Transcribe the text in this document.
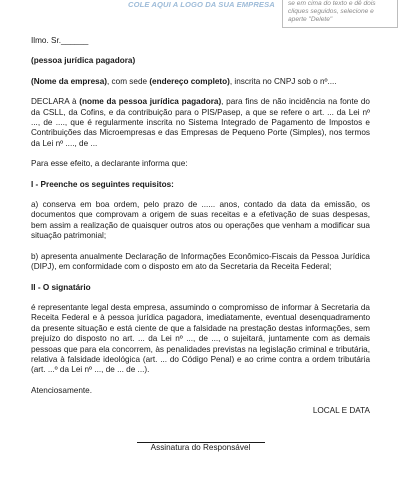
COLE AQUI A LOGO DA SUA EMPRESA se em cima do texto e dê dois

cliques seguidos, selecione e

aperte "Delete"

Ilmo. Sr.______

(pessoa jurídica pagadora)

(Nome da empresa), com sede (endereço completo), inscrita no CNPJ sob o nº....

DECLARA à (nome da pessoa jurídica pagadora), para fins de não incidência na fonte do da CSLL, da Cofins, e da contribuição para o PIS/Pasep, a que se refere o art. ... da Lei nº ..., de ...., que é regularmente inscrita no Sistema Integrado de Pagamento de Impostos e Contribuições das Microempresas e das Empresas de Pequeno Porte (Simples), nos termos da Lei nº ...., de ...

Para esse efeito, a declarante informa que:

I - Preenche os seguintes requisitos:

a) conserva em boa ordem, pelo prazo de ...... anos, contado da data da emissão, os documentos que comprovam a origem de suas receitas e a efetivação de suas despesas, bem assim a realização de quaisquer outros atos ou operações que venham a modificar sua situação patrimonial;

b) apresenta anualmente Declaração de Informações Econômico-Fiscais da Pessoa Jurídica (DIPJ), em conformidade com o disposto em ato da Secretaria da Receita Federal;

II - O signatário

é representante legal desta empresa, assumindo o compromisso de informar à Secretaria da Receita Federal e à pessoa jurídica pagadora, imediatamente, eventual desenquadramento da presente situação e está ciente de que a falsidade na prestação destas informações, sem prejuízo do disposto no art. ... da Lei nº ..., de ..., o sujeitará, juntamente com as demais pessoas que para ela concorrem, às penalidades previstas na legislação criminal e tributária, relativa à falsidade ideológica (art. ... do Código Penal) e ao crime contra a ordem tributária (art. ...º da Lei nº ..., de ... de ...).

Atenciosamente.

LOCAL E DATA

Assinatura do Responsável
